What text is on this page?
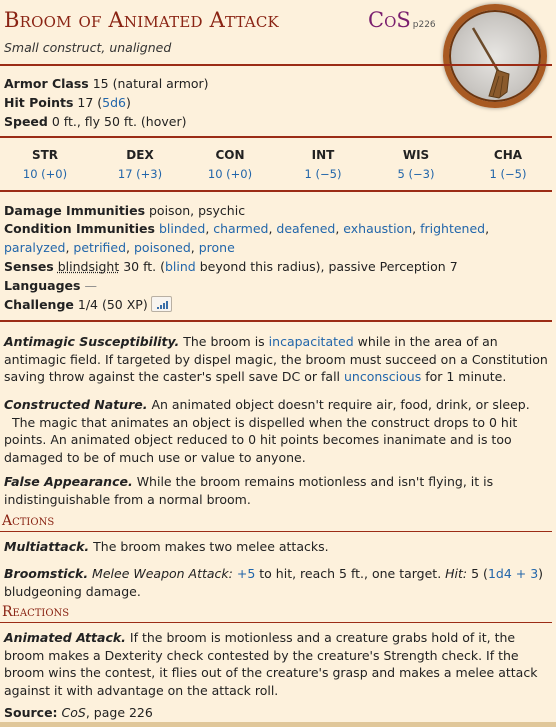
Broom of Animated Attack	CoS p226
Small construct, unaligned
Armor Class 15 (natural armor)
Hit Points 17 (5d6)
Speed 0 ft., fly 50 ft. (hover)
STR
10 (+0)
DEX
17 (+3)
CON
10 (+0)
INT
1 (−5)
WIS
5 (−3)
CHA
1 (−5)
Damage Immunities poison, psychic
Condition Immunities blinded, charmed, deafened, exhaustion, frightened, paralyzed, petrified, poisoned, prone
Senses blindsight 30 ft. (blind beyond this radius), passive Perception 7
Languages —
Challenge 1/4 (50 XP)
Antimagic Susceptibility. The broom is incapacitated while in the area of an antimagic field. If targeted by dispel magic, the broom must succeed on a Constitution saving throw against the caster's spell save DC or fall unconscious for 1 minute.
Constructed Nature. An animated object doesn't require air, food, drink, or sleep.
The magic that animates an object is dispelled when the construct drops to 0 hit points. An animated object reduced to 0 hit points becomes inanimate and is too damaged to be of much use or value to anyone.
False Appearance. While the broom remains motionless and isn't flying, it is indistinguishable from a normal broom.
Actions
Multiattack. The broom makes two melee attacks.
Broomstick. Melee Weapon Attack: +5 to hit, reach 5 ft., one target. Hit: 5 (1d4 + 3)
bludgeoning damage.
Reactions
Animated Attack. If the broom is motionless and a creature grabs hold of it, the broom makes a Dexterity check contested by the creature's Strength check. If the broom wins the contest, it flies out of the creature's grasp and makes a melee attack against it with advantage on the attack roll.
Source: CoS, page 226
